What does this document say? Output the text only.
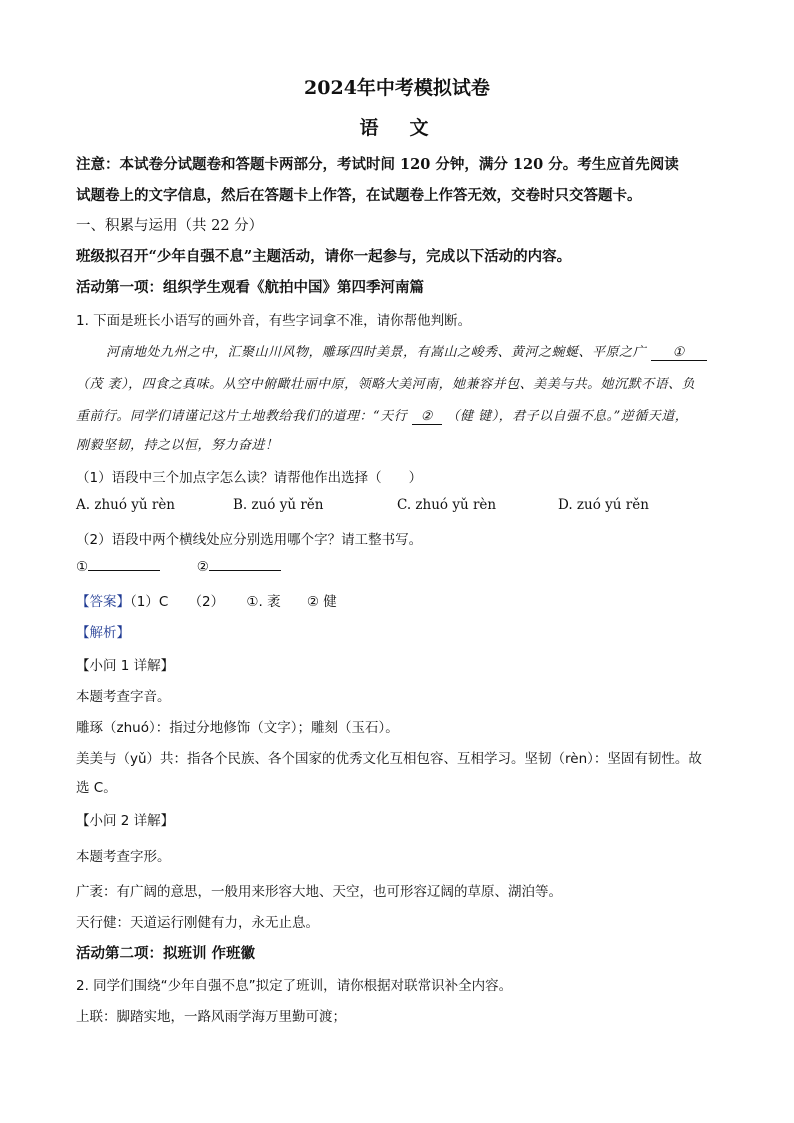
2024年中考模拟试卷
语　文
注意：本试卷分试题卷和答题卡两部分，考试时间 120 分钟，满分 120 分。考生应首先阅读
试题卷上的文字信息，然后在答题卡上作答，在试题卷上作答无效，交卷时只交答题卡。
一、积累与运用（共 22 分）
班级拟召开“少年自强不息”主题活动，请你一起参与，完成以下活动的内容。
活动第一项：组织学生观看《航拍中国》第四季河南篇
1. 下面是班长小语写的画外音，有些字词拿不准，请你帮他判断。
河南地处九州之中，汇聚山川风物，雕琢四时美景，有嵩山之峻秀、黄河之蜿蜒、平原之广 ①
（茂 袤），四食之真味。从空中俯瞰壮丽中原，领略大美河南，她兼容并包、美美与共。她沉默不语、负
重前行。同学们请谨记这片土地教给我们的道理：“天行 ② （健 键），君子以自强不息。”逆循天道，
刚毅坚韧，持之以恒，努力奋进！
（1）语段中三个加点字怎么读？请帮他作出选择（　　）
A. zhuó yǔ rèn	B. zuó yǔ rěn	C. zhuó yǔ rèn	D. zuó yú rěn
（2）语段中两个横线处应分别选用哪个字？请工整书写。
①	②
【答案】（1）C　　（2） ①. 袤 ② 健
【解析】
【小问 1 详解】
本题考查字音。
雕琢（zhuó）：指过分地修饰（文字）；雕刻（玉石）。
美美与（yǔ）共：指各个民族、各个国家的优秀文化互相包容、互相学习。坚韧（rèn）：坚固有韧性。故
选 C。
【小问 2 详解】
本题考查字形。
广袤：有广阔的意思，一般用来形容大地、天空，也可形容辽阔的草原、湖泊等。
天行健：天道运行刚健有力，永无止息。
活动第二项：拟班训 作班徽
2. 同学们围绕“少年自强不息”拟定了班训，请你根据对联常识补全内容。
上联：脚踏实地，一路风雨学海万里勤可渡；
